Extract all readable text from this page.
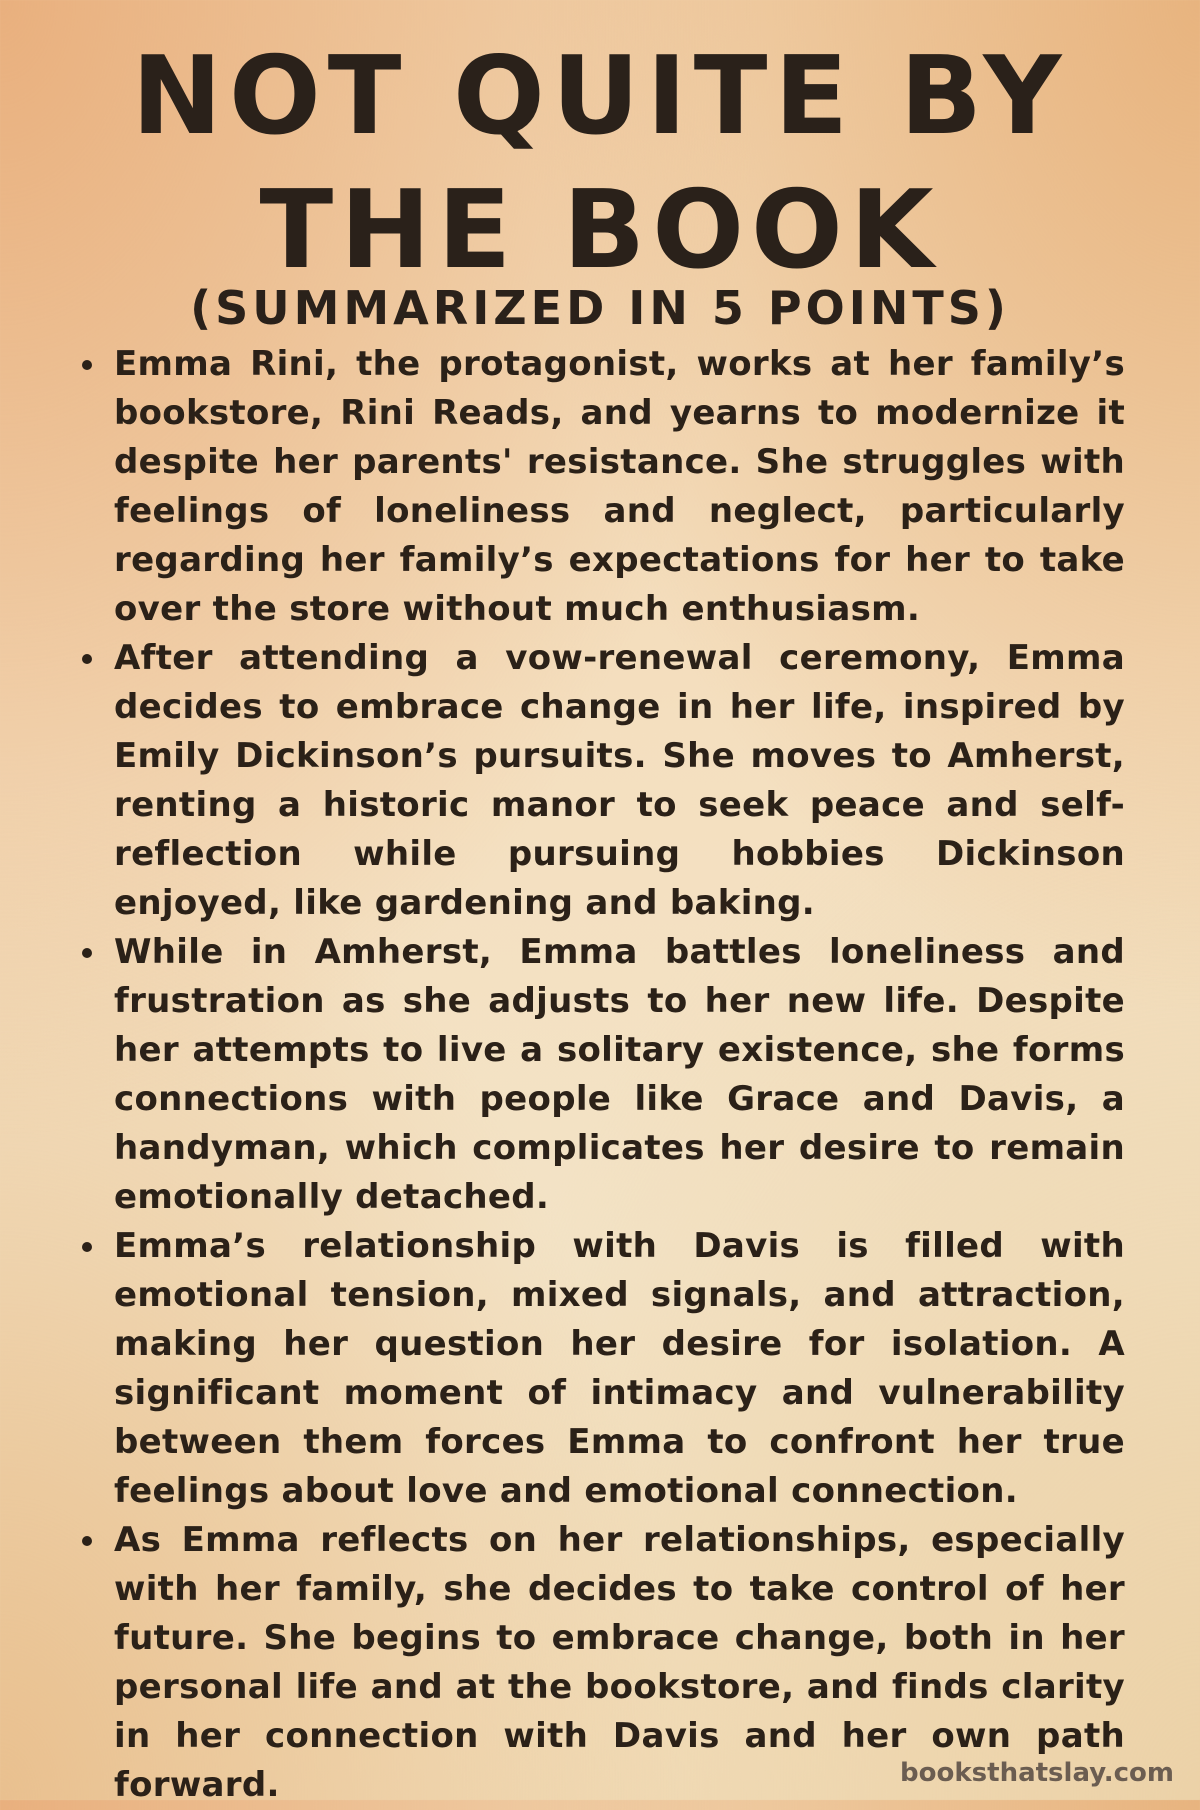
NOT QUITE BY
THE BOOK
(SUMMARIZED IN 5 POINTS)
Emma Rini, the protagonist, works at her family’s bookstore, Rini Reads, and yearns to modernize it despite her parents' resistance. She struggles with feelings of loneliness and neglect, particularly regarding her family’s expectations for her to take over the store without much enthusiasm.
After attending a vow-renewal ceremony, Emma decides to embrace change in her life, inspired by Emily Dickinson’s pursuits. She moves to Amherst, renting a historic manor to seek peace and self-reflection while pursuing hobbies Dickinson enjoyed, like gardening and baking.
While in Amherst, Emma battles loneliness and frustration as she adjusts to her new life. Despite her attempts to live a solitary existence, she forms connections with people like Grace and Davis, a handyman, which complicates her desire to remain emotionally detached.
Emma’s relationship with Davis is filled with emotional tension, mixed signals, and attraction, making her question her desire for isolation. A significant moment of intimacy and vulnerability between them forces Emma to confront her true feelings about love and emotional connection.
As Emma reflects on her relationships, especially with her family, she decides to take control of her future. She begins to embrace change, both in her personal life and at the bookstore, and finds clarity in her connection with Davis and her own path forward.	booksthatslay.com
